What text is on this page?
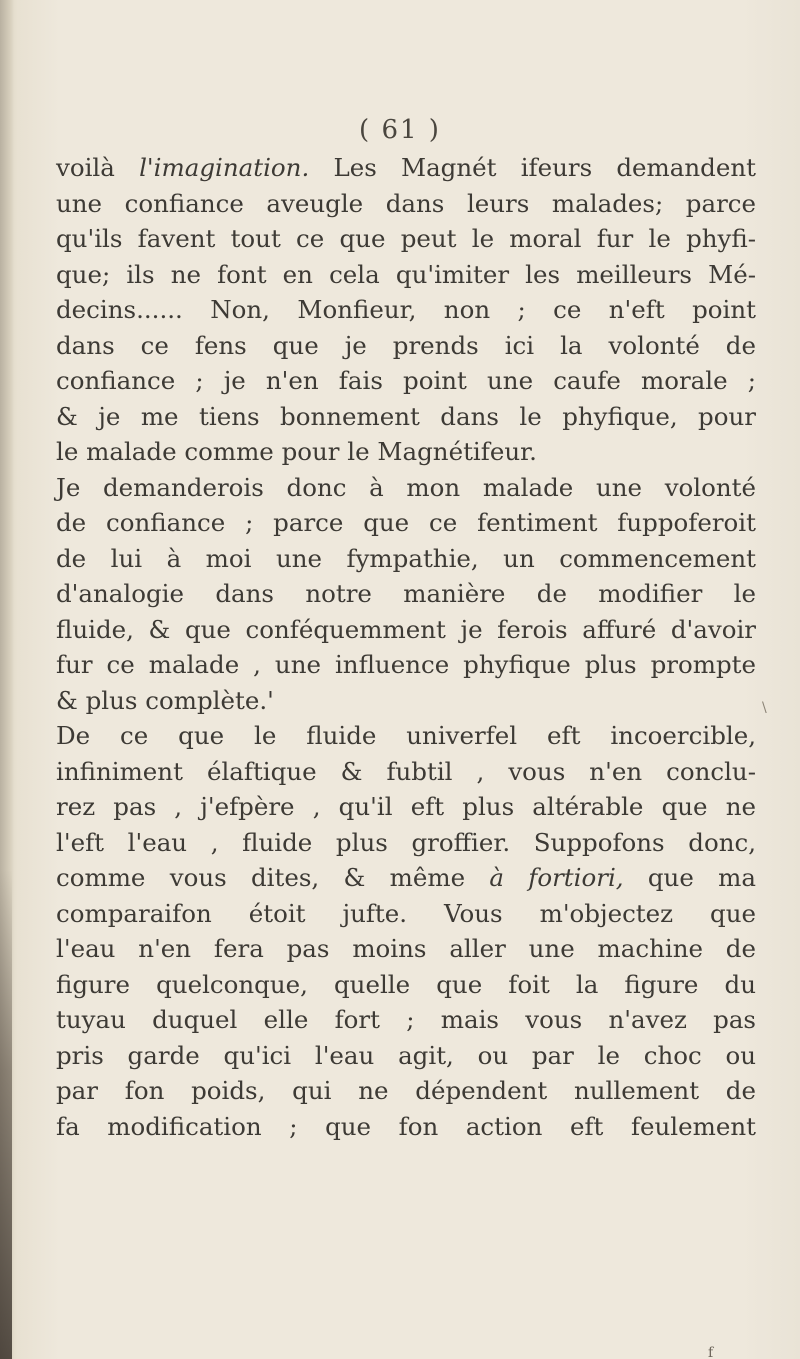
( 61 )
voilà l'imagination. Les Magnét ifeurs demandent
une confiance aveugle dans leurs malades; parce
qu'ils favent tout ce que peut le moral fur le phyfi-
que; ils ne font en cela qu'imiter les meilleurs Mé-
decins...... Non, Monfieur, non ; ce n'eft point
dans ce fens que je prends ici la volonté de
confiance ; je n'en fais point une caufe morale ;
& je me tiens bonnement dans le phyfique, pour
le malade comme pour le Magnétifeur.
Je demanderois donc à mon malade une volonté
de confiance ; parce que ce fentiment fuppoferoit
de lui à moi une fympathie, un commencement
d'analogie dans notre manière de modifier le
fluide, & que conféquemment je ferois affuré d'avoir
fur ce malade , une influence phyfique plus prompte
& plus complète.'
De ce que le fluide univerfel eft incoercible,
infiniment élaftique & fubtil , vous n'en conclu-
rez pas , j'efpère , qu'il eft plus altérable que ne
l'eft l'eau , fluide plus groffier. Suppofons donc,
comme vous dites, & même à fortiori, que ma
comparaifon étoit jufte. Vous m'objectez que
l'eau n'en fera pas moins aller une machine de
figure quelconque, quelle que foit la figure du
tuyau duquel elle fort ; mais vous n'avez pas
pris garde qu'ici l'eau agit, ou par le choc ou
par fon poids, qui ne dépendent nullement de
fa modification ; que fon action eft feulement
\
f
